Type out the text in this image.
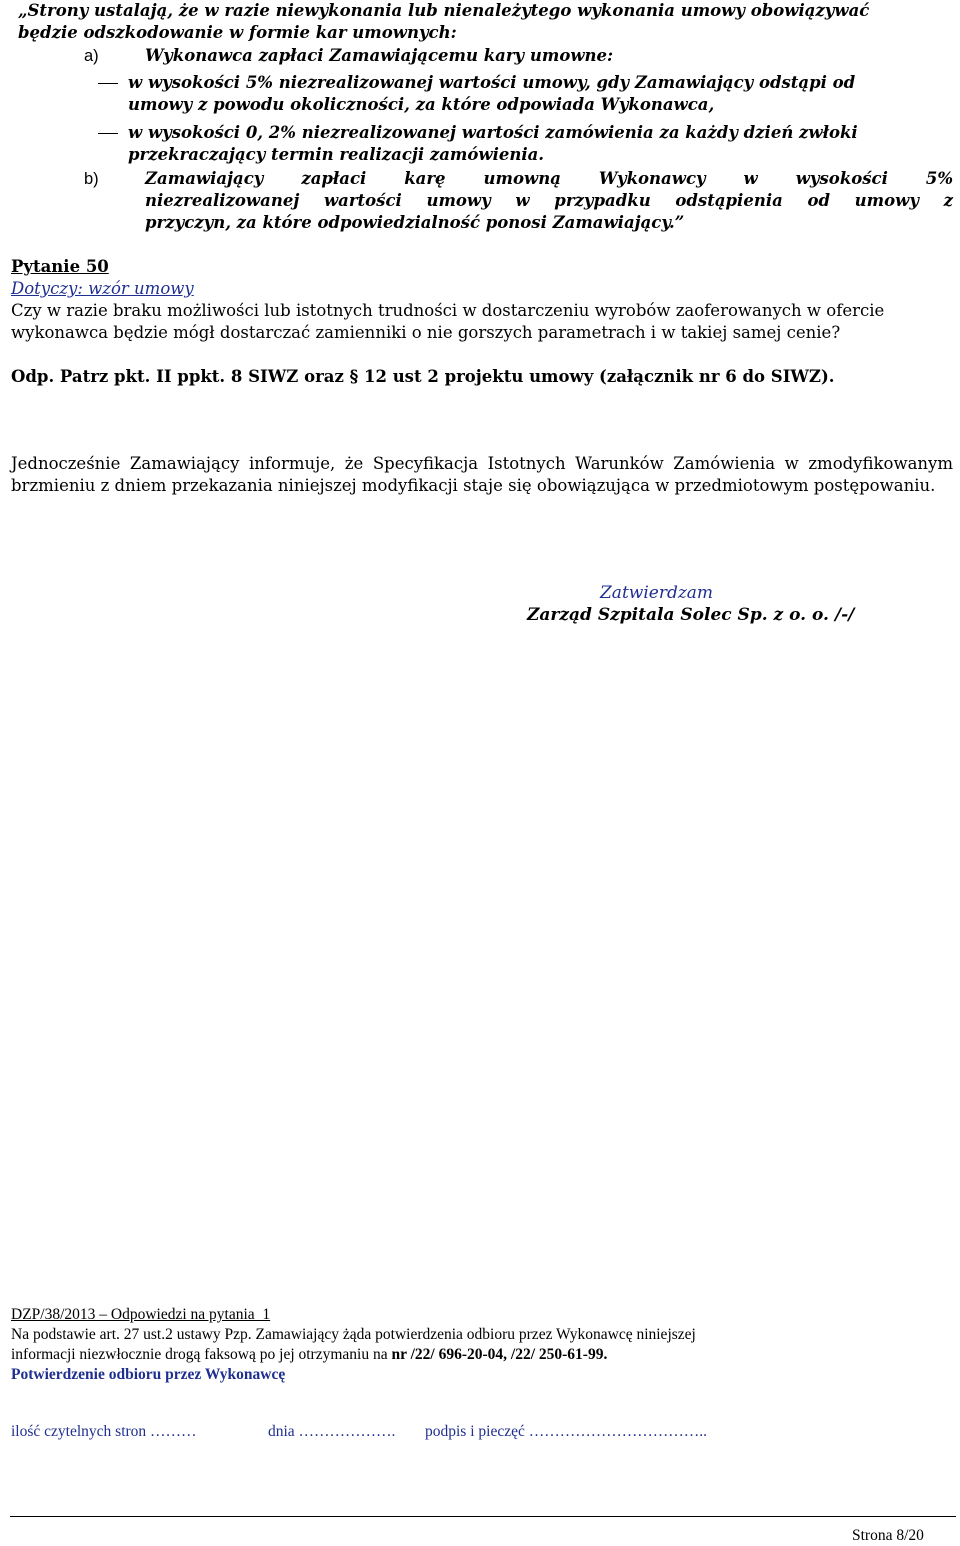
„Strony ustalają, że w razie niewykonania lub nienależytego wykonania umowy obowiązywać
będzie odszkodowanie w formie kar umownych:
a)	Wykonawca zapłaci Zamawiającemu kary umowne:
w wysokości 5% niezrealizowanej wartości umowy, gdy Zamawiający odstąpi od
umowy z powodu okoliczności, za które odpowiada Wykonawca,
w wysokości 0, 2% niezrealizowanej wartości zamówienia za każdy dzień zwłoki
przekraczający termin realizacji zamówienia.
b)	Zamawiający zapłaci karę umowną Wykonawcy w wysokości 5%
niezrealizowanej wartości umowy w przypadku odstąpienia od umowy z
przyczyn, za które odpowiedzialność ponosi Zamawiający.”
Pytanie 50
Dotyczy: wzór umowy
Czy w razie braku możliwości lub istotnych trudności w dostarczeniu wyrobów zaoferowanych w ofercie wykonawca będzie mógł dostarczać zamienniki o nie gorszych parametrach i w takiej samej cenie?
Odp. Patrz pkt. II ppkt. 8 SIWZ oraz § 12 ust 2 projektu umowy (załącznik nr 6 do SIWZ).
Jednocześnie Zamawiający informuje, że Specyfikacja Istotnych Warunków Zamówienia w zmodyfikowanym brzmieniu z dniem przekazania niniejszej modyfikacji staje się obowiązująca w przedmiotowym postępowaniu.
Zatwierdzam
Zarząd Szpitala Solec Sp. z o. o. /-/
DZP/38/2013 – Odpowiedzi na pytania_1
Na podstawie art. 27 ust.2 ustawy Pzp. Zamawiający żąda potwierdzenia odbioru przez Wykonawcę niniejszej
informacji niezwłocznie drogą faksową po jej otrzymaniu na nr /22/ 696-20-04, /22/ 250-61-99.
Potwierdzenie odbioru przez Wykonawcę
ilość czytelnych stron ………	dnia ………………. podpis i pieczęć ……………………………..
Strona 8/20
